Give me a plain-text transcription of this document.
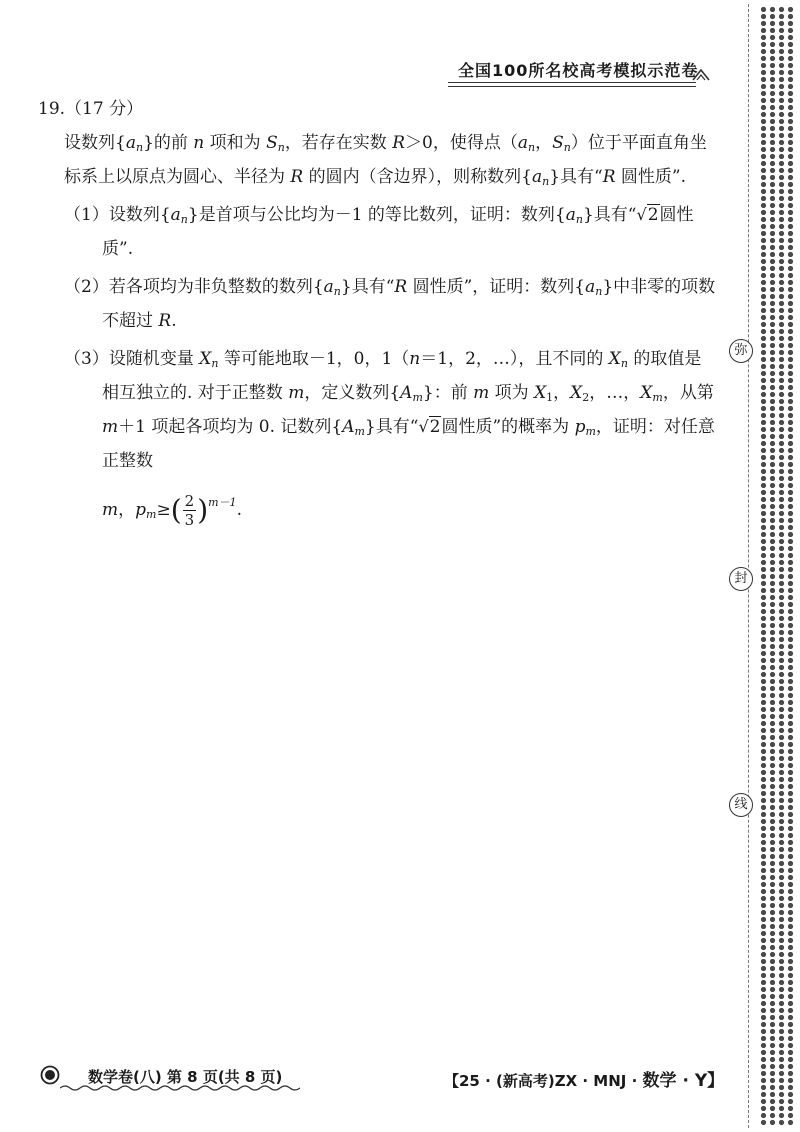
全国100所名校高考模拟示范卷

19.（17 分）

设数列$\{a_n\}$的前 n 项和为 $S_n$，若存在实数 R＞0，使得点（$a_n$，$S_n$）位于平面直角坐标系上以原点为圆心、半径为 R 的圆内（含边界），则称数列$\{a_n\}$具有“R 圆性质”.

（1）设数列$\{a_n\}$是首项与公比均为－1 的等比数列，证明：数列$\{a_n\}$具有“√2圆性质”.

（2）若各项均为非负整数的数列$\{a_n\}$具有“R 圆性质”，证明：数列$\{a_n\}$中非零的项数不超过 R.

（3）设随机变量 $X_n$ 等可能地取－1，0，1（n＝1，2，…），且不同的 $X_n$ 的取值是相互独立的. 对于正整数 m，定义数列$\{A_m\}$：前 m 项为 $X_1$，$X_2$，…，$X_m$，从第 m＋1 项起各项均为 0. 记数列$\{A_m\}$具有“√2圆性质”的概率为 $p_m$，证明：对任意正整数

m，$p_m\ge( \frac{2}{3} )^{m-1}$.

弥
封
线
数学卷(八) 第 8 页(共 8 页)	【25 · (新高考)ZX · MNJ · 数学 · Y】
